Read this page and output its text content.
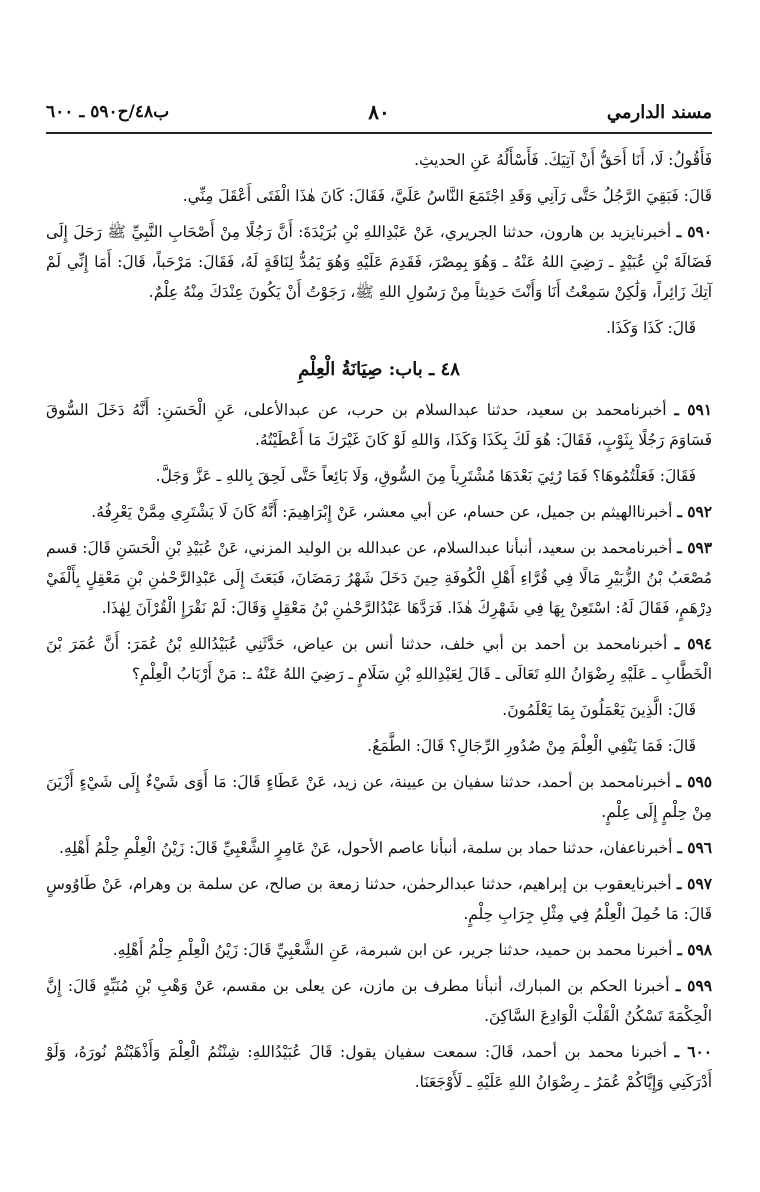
مسند الدارمي
٨٠
ب٤٨/ح٥٩٠ ـ ٦٠٠

فَأَقُولُ: لَا، أَنَا أَحَقُّ أَنْ آتِيَكَ. فَأَسْأَلُهُ عَنِ الحديثِ.

قَالَ: فَبَقِيَ الرَّجُلُ حَتَّى رَآنِي وَقَدِ اجْتَمَعَ النَّاسُ عَلَيَّ، فَقَالَ: كَانَ هٰذَا الْفَتَى أَعْقَلَ مِنِّي.

٥٩٠ ـ أخبرنايزيد بن هارون، حدثنا الجريري، عَنْ عَبْدِاللهِ بْنِ بُرَيْدَةَ: أَنَّ رَجُلًا مِنْ أَصْحَابِ النَّبِيِّ ﷺ رَحَلَ إِلَى فَضَالَةَ بْنِ عُبَيْدٍ ـ رَضِيَ اللهُ عَنْهُ ـ وَهُوَ بِمِصْرَ، فَقَدِمَ عَلَيْهِ وَهُوَ يَمُدُّ لِنَاقَةٍ لَهُ، فَقَالَ: مَرْحَباً، قَالَ: أَمَا إِنِّي لَمْ آتِكَ زَائِراً، وَلَٰكِنْ سَمِعْتُ أَنَا وَأَنْتَ حَدِيثاً مِنْ رَسُولِ اللهِ ﷺ، رَجَوْتُ أَنْ يَكُونَ عِنْدَكَ مِنْهُ عِلْمٌ.

قَالَ: كَذَا وَكَذَا.

٤٨ ـ باب: صِيَانَةُ الْعِلْمِ

٥٩١ ـ أخبرنامحمد بن سعيد، حدثنا عبدالسلام بن حرب، عن عبدالأعلى، عَنِ الْحَسَنِ: أَنَّهُ دَخَلَ السُّوقَ فَسَاوَمَ رَجُلًا بِثَوْبٍ، فَقَالَ: هُوَ لَكَ بِكَذَا وَكَذَا، وَاللهِ لَوْ كَانَ غَيْرَكَ مَا أَعْطَيْتُهُ.

فَقَالَ: فَعَلْتُمُوهَا؟ فَمَا رُئِيَ بَعْدَهَا مُشْتَرِياً مِنَ السُّوقِ، وَلَا بَائِعاً حَتَّى لَحِقَ بِاللهِ ـ عَزَّ وَجَلَّ.

٥٩٢ ـ أخبرناالهيثم بن جميل، عن حسام، عن أبي معشر، عَنْ إِبْرَاهِيمَ: أَنَّهُ كَانَ لَا يَشْتَرِي مِمَّنْ يَعْرِفُهُ.

٥٩٣ ـ أخبرنامحمد بن سعيد، أنبأنا عبدالسلام، عن عبدالله بن الوليد المزني، عَنْ عُبَيْدِ بْنِ الْحَسَنِ قَالَ: قسم مُصْعَبُ بْنُ الزُّبَيْرِ مَالًا فِي قُرَّاءِ أَهْلِ الْكُوفَةِ حِينَ دَخَلَ شَهْرُ رَمَضَانَ، فَبَعَثَ إِلَى عَبْدِالرَّحْمٰنِ بْنِ مَعْقِلٍ بِأَلْفَيْ دِرْهَمٍ، فَقَالَ لَهُ: اسْتَعِنْ بِهَا فِي شَهْرِكَ هٰذَا. فَرَدَّهَا عَبْدُالرَّحْمٰنِ بْنُ مَعْقِلٍ وَقَالَ: لَمْ نَقْرَإِ الْقُرْآنَ لِهٰذَا.

٥٩٤ ـ أخبرنامحمد بن أحمد بن أبي خلف، حدثنا أنس بن عياض، حَدَّثَنِي عُبَيْدُاللهِ بْنُ عُمَرَ: أَنَّ عُمَرَ بْنَ الْخَطَّابِ ـ عَلَيْهِ رِضْوَانُ اللهِ تَعَالَى ـ قَالَ لِعَبْدِاللهِ بْنِ سَلَامٍ ـ رَضِيَ اللهُ عَنْهُ ـ: مَنْ أَرْبَابُ الْعِلْمِ؟

قَالَ: الَّذِينَ يَعْمَلُونَ بِمَا يَعْلَمُونَ.

قَالَ: فَمَا يَنْفِي الْعِلْمَ مِنْ صُدُورِ الرِّجَالِ؟ قَالَ: الطَّمَعُ.

٥٩٥ ـ أخبرنامحمد بن أحمد، حدثنا سفيان بن عيينة، عن زيد، عَنْ عَطَاءٍ قَالَ: مَا أَوَى شَيْءٌ إِلَى شَيْءٍ أَزْيَنَ مِنْ حِلْمٍ إِلَى عِلْمٍ.

٥٩٦ ـ أخبرناعفان، حدثنا حماد بن سلمة، أنبأنا عاصم الأحول، عَنْ عَامِرٍ الشَّعْبِيِّ قَالَ: زَيْنُ الْعِلْمِ حِلْمُ أَهْلِهِ.

٥٩٧ ـ أخبرنايعقوب بن إبراهيم، حدثنا عبدالرحمٰن، حدثنا زمعة بن صالح، عن سلمة بن وهرام، عَنْ طَاوُوسٍ قَالَ: مَا حُمِلَ الْعِلْمُ فِي مِثْلِ جِرَابِ حِلْمٍ.

٥٩٨ ـ أخبرنا محمد بن حميد، حدثنا جرير، عن ابن شبرمة، عَنِ الشَّعْبِيِّ قَالَ: زَيْنُ الْعِلْمِ حِلْمُ أَهْلِهِ.

٥٩٩ ـ أخبرنا الحكم بن المبارك، أنبأنا مطرف بن مازن، عن يعلى بن مقسم، عَنْ وَهْبِ بْنِ مُنَبِّهٍ قَالَ: إِنَّ الْحِكْمَةَ تَسْكُنُ الْقَلْبَ الْوَادِعَ السَّاكِنَ.

٦٠٠ ـ أخبرنا محمد بن أحمد، قَالَ: سمعت سفيان يقول: قَالَ عُبَيْدُاللهِ: شِنْتُمُ الْعِلْمَ وَأَذْهَبْتُمْ نُورَهُ، وَلَوْ أَدْرَكَنِي وَإِيَّاكُمْ عُمَرُ ـ رِضْوَانُ اللهِ عَلَيْهِ ـ لَأَوْجَعَنَا.
